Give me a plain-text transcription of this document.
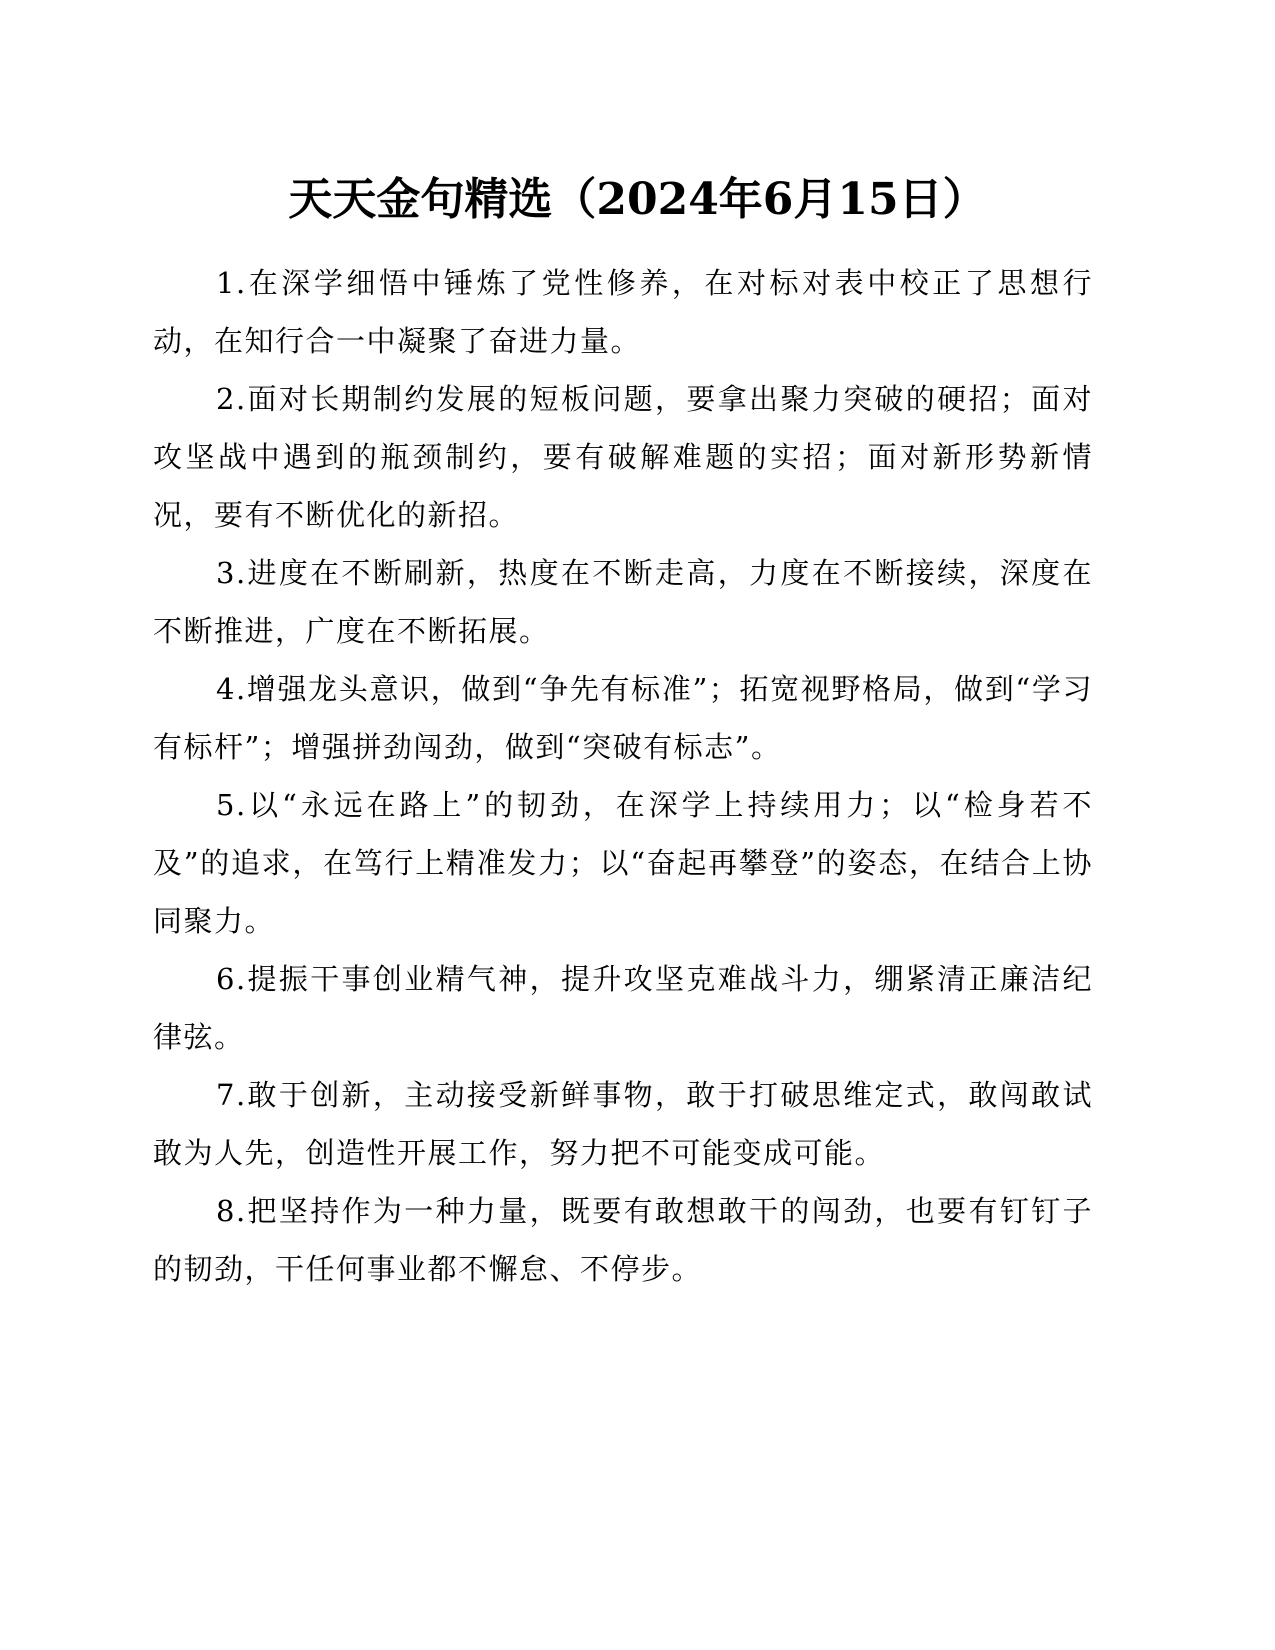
天天金句精选（2024年6月15日）

1.在深学细悟中锤炼了党性修养，在对标对表中校正了思想行动，在知行合一中凝聚了奋进力量。

2.面对长期制约发展的短板问题，要拿出聚力突破的硬招；面对攻坚战中遇到的瓶颈制约，要有破解难题的实招；面对新形势新情况，要有不断优化的新招。

3.进度在不断刷新，热度在不断走高，力度在不断接续，深度在不断推进，广度在不断拓展。

4.增强龙头意识，做到“争先有标准”；拓宽视野格局，做到“学习有标杆”；增强拼劲闯劲，做到“突破有标志”。

5.以“永远在路上”的韧劲，在深学上持续用力；以“检身若不及”的追求，在笃行上精准发力；以“奋起再攀登”的姿态，在结合上协同聚力。

6.提振干事创业精气神，提升攻坚克难战斗力，绷紧清正廉洁纪律弦。

7.敢于创新，主动接受新鲜事物，敢于打破思维定式，敢闯敢试敢为人先，创造性开展工作，努力把不可能变成可能。

8.把坚持作为一种力量，既要有敢想敢干的闯劲，也要有钉钉子的韧劲，干任何事业都不懈怠、不停步。
